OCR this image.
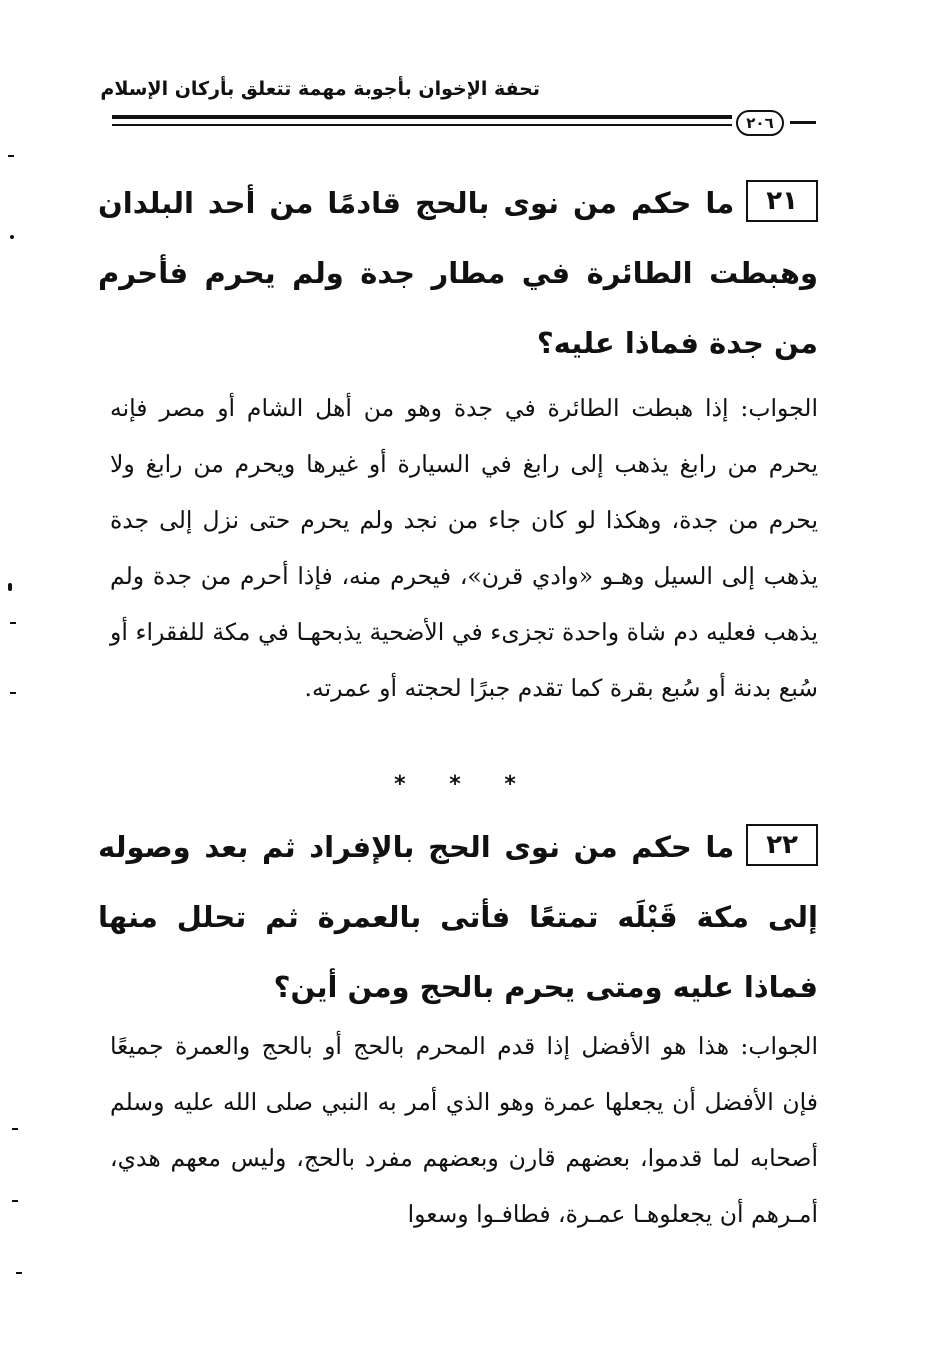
تحفة الإخوان بأجوبة مهمة تتعلق بأركان الإسلام
٢٠٦

٢١ما حكم من نوى بالحج قادمًا من أحد البلدان وهبطت الطائرة في مطار جدة ولم يحرم فأحرم من جدة فماذا عليه؟

الجواب: إذا هبطت الطائرة في جدة وهو من أهل الشام أو مصر فإنه يحرم من رابغ يذهب إلى رابغ في السيارة أو غيرها ويحرم من رابغ ولا يحرم من جدة، وهكذا لو كان جاء من نجد ولم يحرم حتى نزل إلى جدة يذهب إلى السيل وهـو «وادي قرن»، فيحرم منه، فإذا أحرم من جدة ولم يذهب فعليه دم شاة واحدة تجزىء في الأضحية يذبحهـا في مكة للفقراء أو سُبع بدنة أو سُبع بقرة كما تقدم جبرًا لحجته أو عمرته.

* * *

٢٢ما حكم من نوى الحج بالإفراد ثم بعد وصوله إلى مكة قَبْلَه تمتعًا فأتى بالعمرة ثم تحلل منها فماذا عليه ومتى يحرم بالحج ومن أين؟

الجواب: هذا هو الأفضل إذا قدم المحرم بالحج أو بالحج والعمرة جميعًا فإن الأفضل أن يجعلها عمرة وهو الذي أمر به النبي صلى الله عليه وسلم أصحابه لما قدموا، بعضهم قارن وبعضهم مفرد بالحج، وليس معهم هدي، أمـرهم أن يجعلوهـا عمـرة، فطافـوا وسعوا
